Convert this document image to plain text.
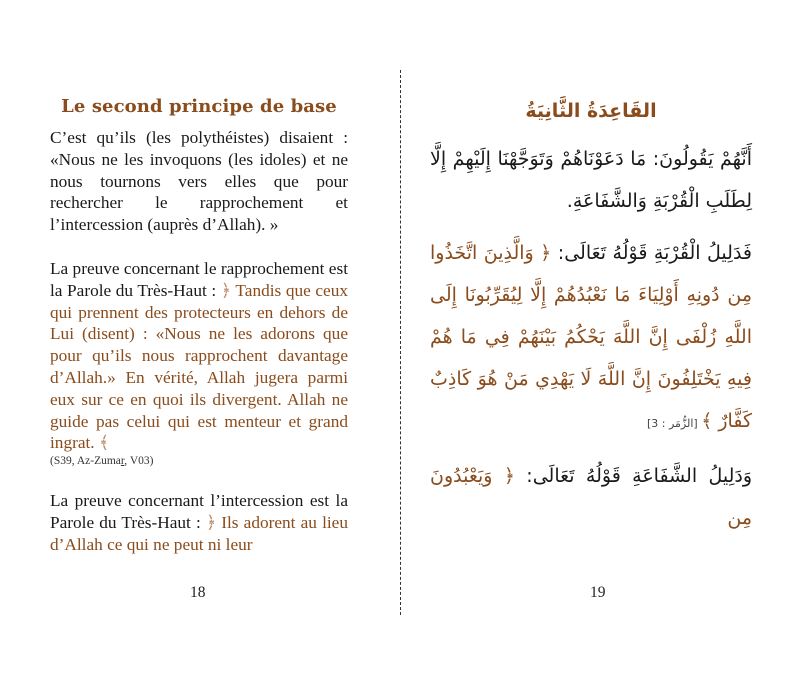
Le second principe de base

C’est qu’ils (les polythéistes) disaient : «Nous ne les invoquons (les idoles) et ne nous tournons vers elles que pour rechercher le rapprochement et l’intercession (auprès d’Allah). »

La preuve concernant le rapprochement est la Parole du Très-Haut : ﴿ Tandis que ceux qui prennent des protecteurs en dehors de Lui (disent) : «Nous ne les adorons que pour qu’ils nous rapprochent davantage d’Allah.» En vérité, Allah jugera parmi eux sur ce en quoi ils divergent. Allah ne guide pas celui qui est menteur et grand ingrat. ﴾
(S39, Az-Zumar, V03)

La preuve concernant l’intercession est la Parole du Très-Haut : ﴿ Ils adorent au lieu d’Allah ce qui ne peut ni leur

القَاعِدَةُ الثَّانِيَةُ

أَنَّهُمْ يَقُولُونَ: مَا دَعَوْنَاهُمْ وَتَوَجَّهْنَا إِلَيْهِمْ إِلَّا لِطَلَبِ الْقُرْبَةِ وَالشَّفَاعَةِ.

فَدَلِيلُ الْقُرْبَةِ قَوْلُهُ تَعَالَى: ﴿ وَالَّذِينَ اتَّخَذُوا مِن دُونِهِ أَوْلِيَاءَ مَا نَعْبُدُهُمْ إِلَّا لِيُقَرِّبُونَا إِلَى اللَّهِ زُلْفَى إِنَّ اللَّهَ يَحْكُمُ بَيْنَهُمْ فِي مَا هُمْ فِيهِ يَخْتَلِفُونَ إِنَّ اللَّهَ لَا يَهْدِي مَنْ هُوَ كَاذِبٌ كَفَّارٌ ﴾ [الزُّمَر : 3]

وَدَلِيلُ الشَّفَاعَةِ قَوْلُهُ تَعَالَى: ﴿ وَيَعْبُدُونَ مِن

18	19
